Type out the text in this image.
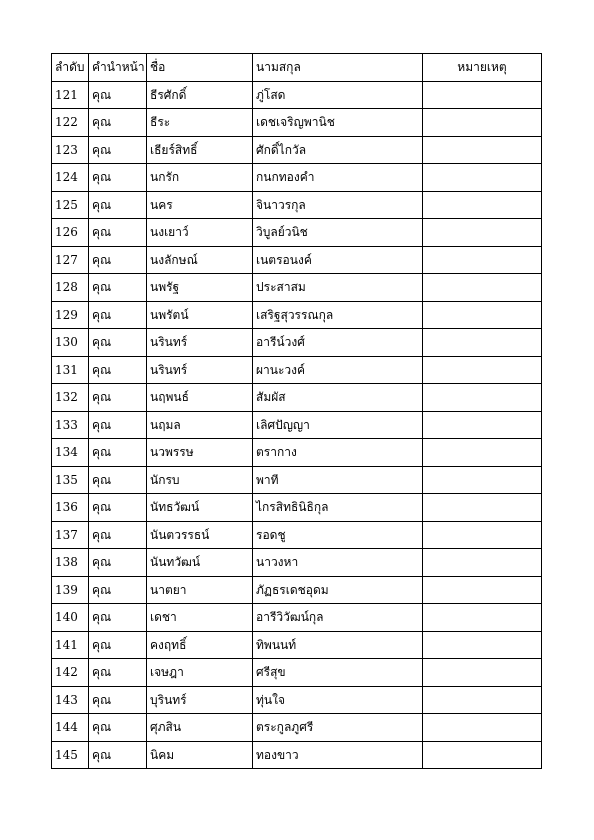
ลำดับ	คำนำหน้า	ชื่อ	นามสกุล	หมายเหตุ
121	คุณ	ธีรศักดิ์	ภู่โสด	
122	คุณ	ธีระ	เดชเจริญพานิช	
123	คุณ	เธียร์สิทธิ์	ศักดิ์ไกวัล	
124	คุณ	นกรัก	กนกทองคำ	
125	คุณ	นคร	จินาวรกุล	
126	คุณ	นงเยาว์	วิบูลย์วนิช	
127	คุณ	นงลักษณ์	เนตรอนงค์	
128	คุณ	นพรัฐ	ประสาสม	
129	คุณ	นพรัตน์	เสริฐสุวรรณกุล	
130	คุณ	นรินทร์	อารีน์วงศ์	
131	คุณ	นรินทร์	ผานะวงค์	
132	คุณ	นฤพนธ์	สัมผัส	
133	คุณ	นฤมล	เลิศปัญญา	
134	คุณ	นวพรรษ	ตรากาง	
135	คุณ	นักรบ	พาที	
136	คุณ	นัทธวัฒน์	ไกรสิทธินิธิกุล	
137	คุณ	นันตวรรธน์	รอดชู	
138	คุณ	นันทวัฒน์	นาวงหา	
139	คุณ	นาตยา	ภัฏธรเดชอุดม	
140	คุณ	เดชา	อารีวิวัฒน์กุล	
141	คุณ	คงฤทธิ์	ทิพนนท์	
142	คุณ	เจษฎา	ศรีสุข	
143	คุณ	บุรินทร์	ทุ่นใจ	
144	คุณ	ศุภสิน	ตระกูลภูศรี	
145	คุณ	นิคม	ทองขาว	
